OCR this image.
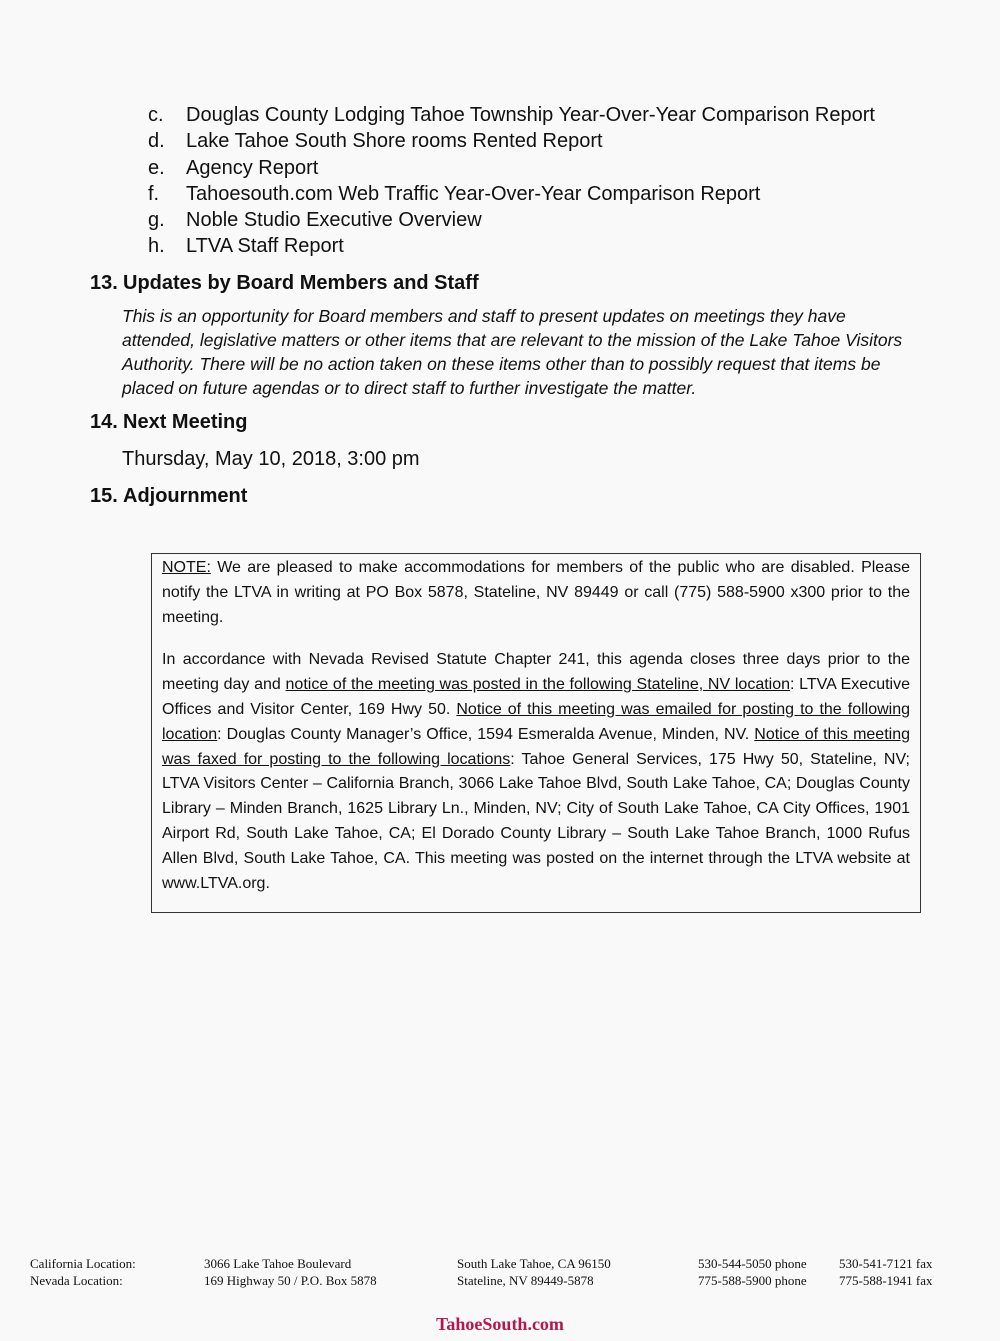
c.	Douglas County Lodging Tahoe Township Year-Over-Year Comparison Report
d.	Lake Tahoe South Shore rooms Rented Report
e.	Agency Report
f.	Tahoesouth.com Web Traffic Year-Over-Year Comparison Report
g.	Noble Studio Executive Overview
h.	LTVA Staff Report
13. Updates by Board Members and Staff
This is an opportunity for Board members and staff to present updates on meetings they have attended, legislative matters or other items that are relevant to the mission of the Lake Tahoe Visitors Authority. There will be no action taken on these items other than to possibly request that items be placed on future agendas or to direct staff to further investigate the matter.
14. Next Meeting
Thursday, May 10, 2018, 3:00 pm
15. Adjournment

NOTE: We are pleased to make accommodations for members of the public who are disabled. Please notify the LTVA in writing at PO Box 5878, Stateline, NV 89449 or call (775) 588-5900 x300 prior to the meeting.

In accordance with Nevada Revised Statute Chapter 241, this agenda closes three days prior to the meeting day and notice of the meeting was posted in the following Stateline, NV location: LTVA Executive Offices and Visitor Center, 169 Hwy 50. Notice of this meeting was emailed for posting to the following location: Douglas County Manager’s Office, 1594 Esmeralda Avenue, Minden, NV. Notice of this meeting was faxed for posting to the following locations: Tahoe General Services, 175 Hwy 50, Stateline, NV; LTVA Visitors Center – California Branch, 3066 Lake Tahoe Blvd, South Lake Tahoe, CA; Douglas County Library – Minden Branch, 1625 Library Ln., Minden, NV; City of South Lake Tahoe, CA City Offices, 1901 Airport Rd, South Lake Tahoe, CA; El Dorado County Library – South Lake Tahoe Branch, 1000 Rufus Allen Blvd, South Lake Tahoe, CA. This meeting was posted on the internet through the LTVA website at www.LTVA.org.

California Location:	3066 Lake Tahoe Boulevard	South Lake Tahoe, CA 96150	530-544-5050 phone 530-541-7121 fax
Nevada Location:	169 Highway 50 / P.O. Box 5878	Stateline, NV 89449-5878	775-588-5900 phone 775-588-1941 fax
TahoeSouth.com
